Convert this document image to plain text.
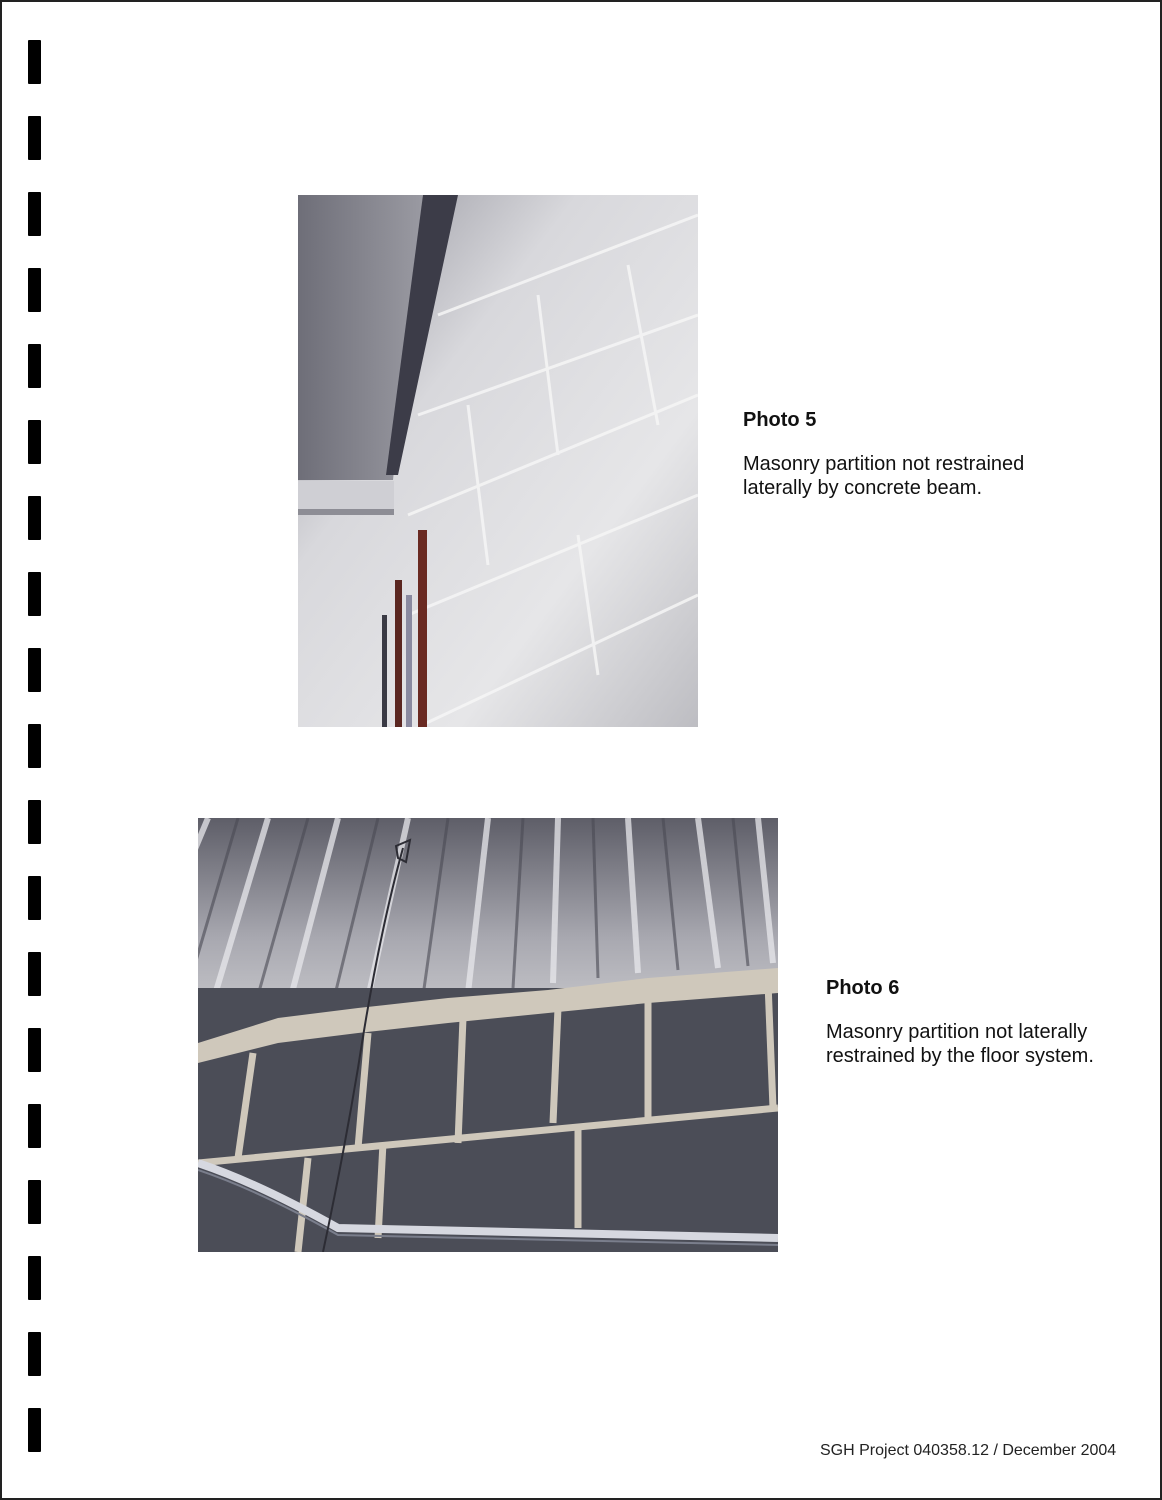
Photo 5

Masonry partition not restrained laterally by concrete beam.

Photo 6

Masonry partition not laterally restrained by the floor system.

SGH Project 040358.12 / December 2004
